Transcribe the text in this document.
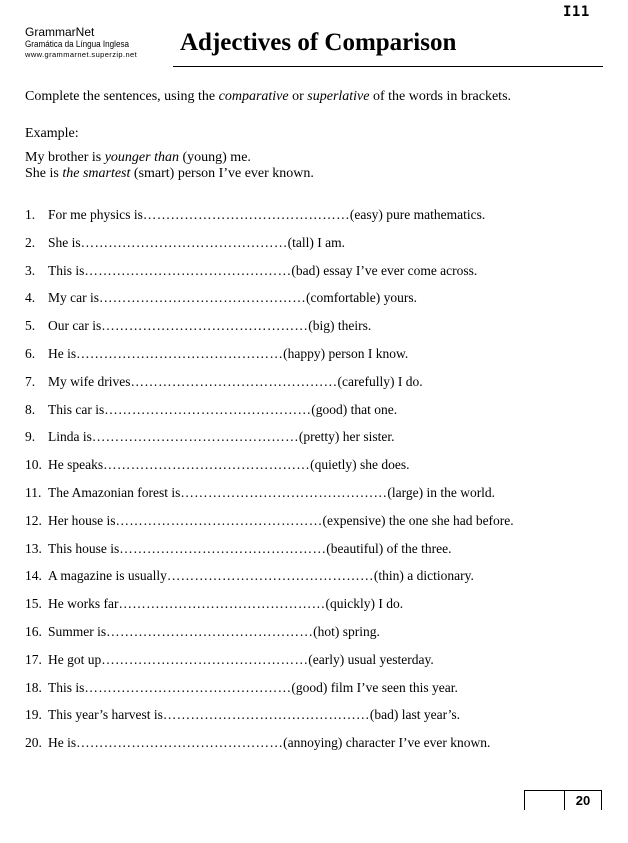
I11
GrammarNet
Gramática da Língua Inglesa
www.grammarnet.superzip.net Adjectives of Comparison
Complete the sentences, using the comparative or superlative of the words in brackets.
Example:
My brother is younger than (young) me.
She is the smartest (smart) person I’ve ever known.
1. For me physics is ……………………………………… (easy) pure mathematics.
2. She is ……………………………………… (tall) I am.
3. This is ……………………………………… (bad) essay I’ve ever come across.
4. My car is ……………………………………… (comfortable) yours.
5. Our car is ……………………………………… (big) theirs.
6. He is ……………………………………… (happy) person I know.
7. My wife drives ……………………………………… (carefully) I do.
8. This car is ……………………………………… (good) that one.
9. Linda is ……………………………………… (pretty) her sister.
10. He speaks ……………………………………… (quietly) she does.
11. The Amazonian forest is ……………………………………… (large) in the world.
12. Her house is ……………………………………… (expensive) the one she had before.
13. This house is ……………………………………… (beautiful) of the three.
14. A magazine is usually ……………………………………… (thin) a dictionary.
15. He works far ……………………………………… (quickly) I do.
16. Summer is ……………………………………… (hot) spring.
17. He got up ……………………………………… (early) usual yesterday.
18. This is ……………………………………… (good) film I’ve seen this year.
19. This year’s harvest is ……………………………………… (bad) last year’s.
20. He is ……………………………………… (annoying) character I’ve ever known.
20
